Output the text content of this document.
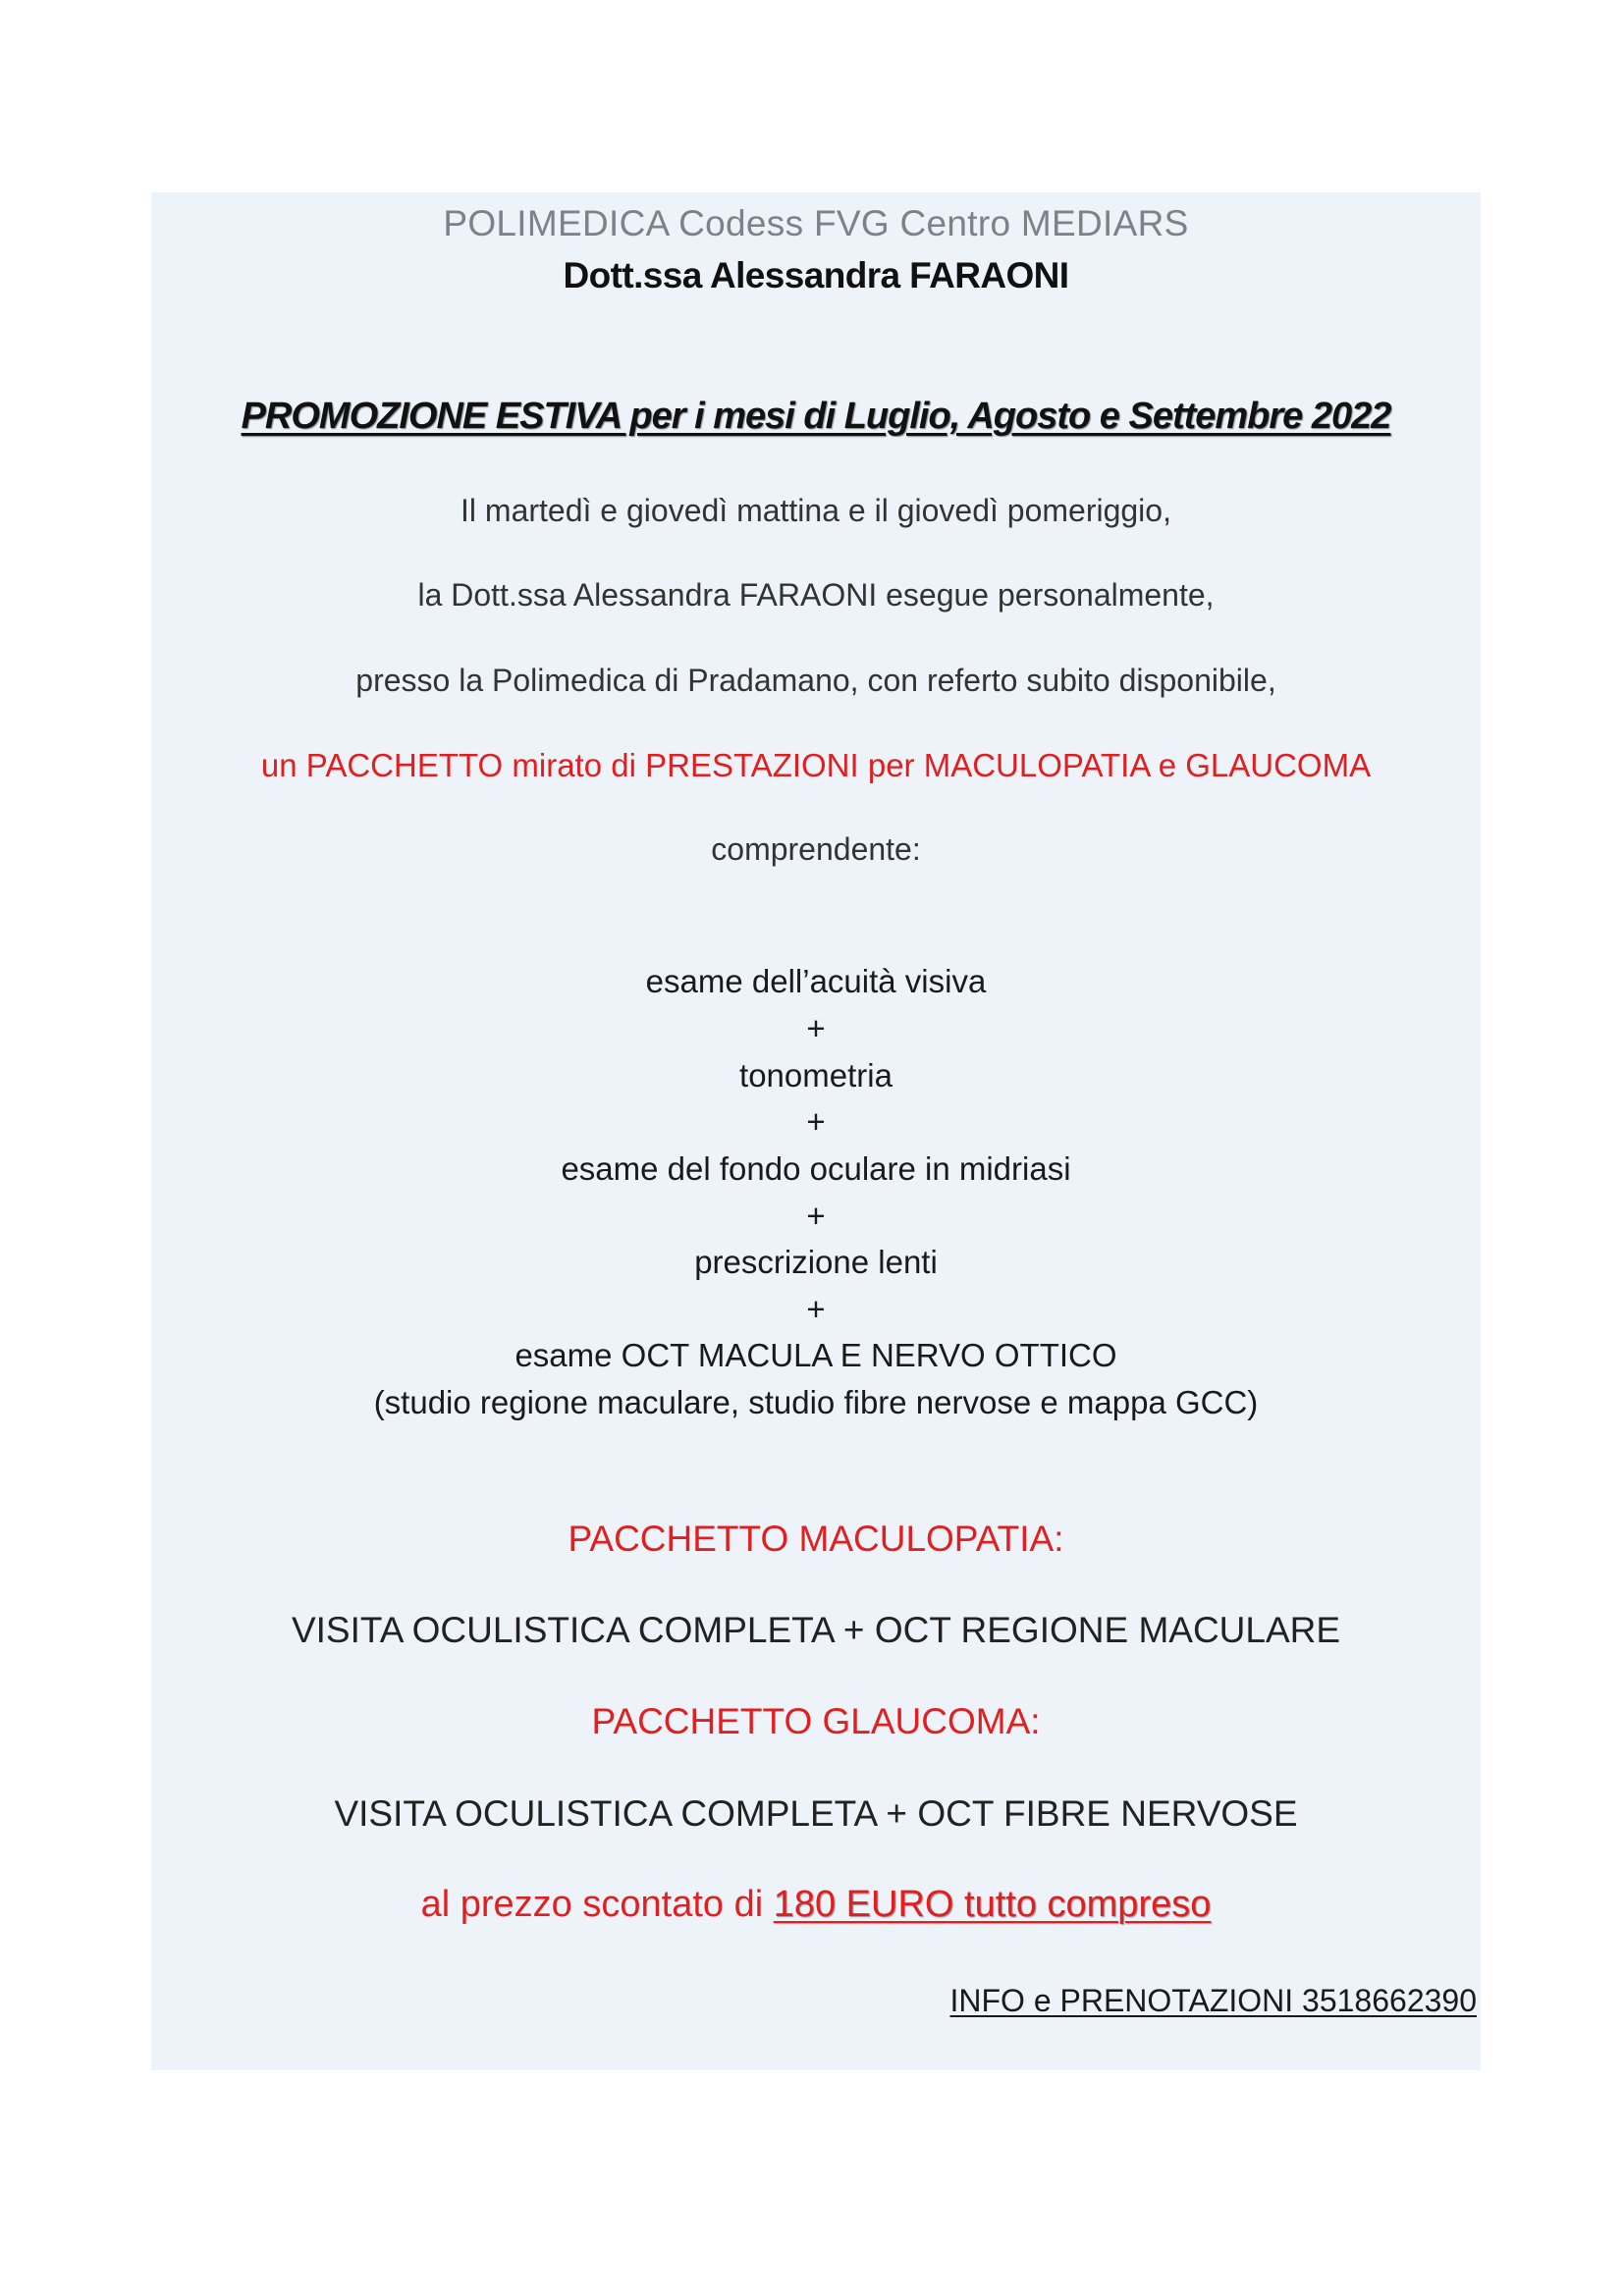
POLIMEDICA Codess FVG Centro MEDIARS
Dott.ssa Alessandra FARAONI
PROMOZIONE ESTIVA per i mesi di Luglio, Agosto e Settembre 2022
Il martedì e giovedì mattina e il giovedì pomeriggio,
la Dott.ssa Alessandra FARAONI esegue personalmente,
presso la Polimedica di Pradamano, con referto subito disponibile,
un PACCHETTO mirato di PRESTAZIONI per MACULOPATIA e GLAUCOMA
comprendente:
esame dell’acuità visiva
+
tonometria
+
esame del fondo oculare in midriasi
+
prescrizione lenti
+
esame OCT MACULA E NERVO OTTICO
(studio regione maculare, studio fibre nervose e mappa GCC)
PACCHETTO MACULOPATIA:
VISITA OCULISTICA COMPLETA + OCT REGIONE MACULARE
PACCHETTO GLAUCOMA:
VISITA OCULISTICA COMPLETA + OCT FIBRE NERVOSE
al prezzo scontato di 180 EURO tutto compreso
INFO e PRENOTAZIONI 3518662390
